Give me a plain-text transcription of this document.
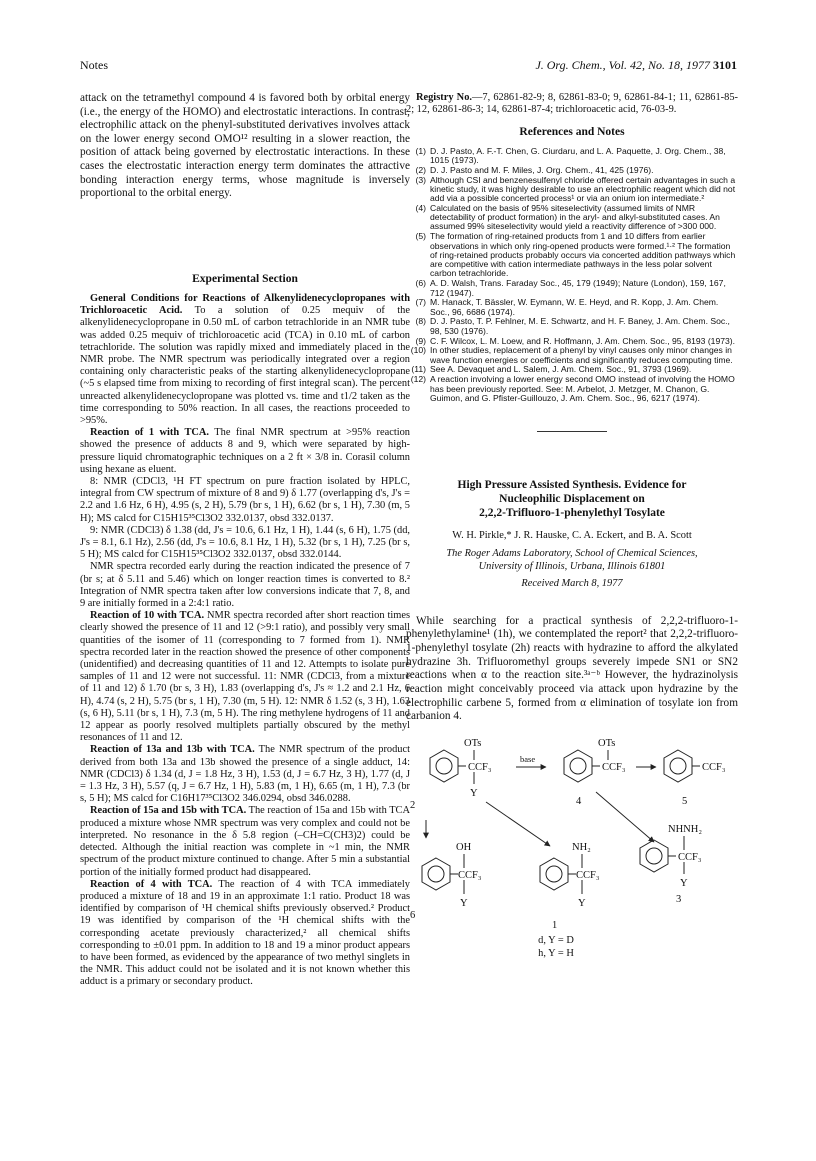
Notes	J. Org. Chem., Vol. 42, No. 18, 1977 3101

attack on the tetramethyl compound 4 is favored both by orbital energy (i.e., the energy of the HOMO) and electrostatic interactions. In contrast, electrophilic attack on the phenyl-substituted derivatives involves attack on the lower energy second OMO¹² resulting in a slower reaction, the position of attack being governed by electrostatic interactions. In these cases the electrostatic interaction energy term dominates the attractive bonding interaction energy terms, whose magnitude is inversely proportional to the orbital energy.

Experimental Section

General Conditions for Reactions of Alkenylidenecyclopropanes with Trichloroacetic Acid. To a solution of 0.25 mequiv of the alkenylidenecyclopropane in 0.50 mL of carbon tetrachloride in an NMR tube was added 0.25 mequiv of trichloroacetic acid (TCA) in 0.10 mL of carbon tetrachloride. The solution was rapidly mixed and immediately placed in the NMR probe. The NMR spectrum was periodically integrated over a region containing only characteristic peaks of the starting alkenylidenecyclopropane (~5 s elapsed time from mixing to recording of first integral scan). The percent unreacted alkenylidenecyclopropane was plotted vs. time and t1/2 taken as the time corresponding to 50% reaction. In all cases, the reactions proceeded to >95%.

Reaction of 1 with TCA. The final NMR spectrum at >95% reaction showed the presence of adducts 8 and 9, which were separated by high-pressure liquid chromatographic techniques on a 2 ft × 3/8 in. Corasil column using hexane as eluent.

8: NMR (CDCl3, ¹H FT spectrum on pure fraction isolated by HPLC, integral from CW spectrum of mixture of 8 and 9) δ 1.77 (overlapping d's, J's = 2.2 and 1.6 Hz, 6 H), 4.95 (s, 2 H), 5.79 (br s, 1 H), 6.62 (br s, 1 H), 7.30 (m, 5 H); MS calcd for C15H15³⁵Cl3O2 332.0137, obsd 332.0137.

9: NMR (CDCl3) δ 1.38 (dd, J's = 10.6, 6.1 Hz, 1 H), 1.44 (s, 6 H), 1.75 (dd, J's = 8.1, 6.1 Hz), 2.56 (dd, J's = 10.6, 8.1 Hz, 1 H), 5.32 (br s, 1 H), 7.25 (br s, 5 H); MS calcd for C15H15³⁵Cl3O2 332.0137, obsd 332.0144.

NMR spectra recorded early during the reaction indicated the presence of 7 (br s; at δ 5.11 and 5.46) which on longer reaction times is converted to 8.² Integration of NMR spectra taken after low conversions indicate that 7, 8, and 9 are initially formed in a 2:4:1 ratio.

Reaction of 10 with TCA. NMR spectra recorded after short reaction times clearly showed the presence of 11 and 12 (>9:1 ratio), and possibly very small quantities of the isomer of 11 (corresponding to 7 formed from 1). NMR spectra recorded later in the reaction showed the presence of other components (unidentified) and decreasing quantities of 11 and 12. Attempts to isolate pure samples of 11 and 12 were not successful. 11: NMR (CDCl3, from a mixture of 11 and 12) δ 1.70 (br s, 3 H), 1.83 (overlapping d's, J's ≈ 1.2 and 2.1 Hz, 6 H), 4.74 (s, 2 H), 5.75 (br s, 1 H), 7.30 (m, 5 H). 12: NMR δ 1.52 (s, 3 H), 1.63 (s, 6 H), 5.11 (br s, 1 H), 7.3 (m, 5 H). The ring methylene hydrogens of 11 and 12 appear as poorly resolved multiplets partially obscured by the methyl resonances of 11 and 12.

Reaction of 13a and 13b with TCA. The NMR spectrum of the product derived from both 13a and 13b showed the presence of a single adduct, 14: NMR (CDCl3) δ 1.34 (d, J = 1.8 Hz, 3 H), 1.53 (d, J = 6.7 Hz, 3 H), 1.77 (d, J = 1.3 Hz, 3 H), 5.57 (q, J = 6.7 Hz, 1 H), 5.83 (m, 1 H), 6.65 (m, 1 H), 7.3 (br s, 5 H); MS calcd for C16H17³⁵Cl3O2 346.0294, obsd 346.0288.

Reaction of 15a and 15b with TCA. The reaction of 15a and 15b with TCA produced a mixture whose NMR spectrum was very complex and could not be interpreted. No resonance in the δ 5.8 region (–CH=C(CH3)2) could be detected. Although the initial reaction was complete in ~1 min, the NMR spectrum of the product mixture continued to change. After 5 min a substantial portion of the initially formed product had disappeared.

Reaction of 4 with TCA. The reaction of 4 with TCA immediately produced a mixture of 18 and 19 in an approximate 1:1 ratio. Product 18 was identified by comparison of ¹H chemical shifts previously observed.² Product 19 was identified by comparison of the ¹H chemical shifts with the corresponding acetate previously characterized,² all chemical shifts corresponding to ±0.01 ppm. In addition to 18 and 19 a minor product appears to have been formed, as evidenced by the appearance of two methyl singlets in the NMR. This adduct could not be isolated and it is not known whether this adduct is a primary or secondary product.

Registry No.—7, 62861-82-9; 8, 62861-83-0; 9, 62861-84-1; 11, 62861-85-2; 12, 62861-86-3; 14, 62861-87-4; trichloroacetic acid, 76-03-9.

References and Notes
(1) D. J. Pasto, A. F.-T. Chen, G. Ciurdaru, and L. A. Paquette, J. Org. Chem., 38, 1015 (1973).
(2) D. J. Pasto and M. F. Miles, J. Org. Chem., 41, 425 (1976).
(3) Although CSI and benzenesulfenyl chloride offered certain advantages in such a kinetic study, it was highly desirable to use an electrophilic reagent which did not add via a possible concerted process¹ or via an onium ion intermediate.²
(4) Calculated on the basis of 95% siteselectivity (assumed limits of NMR detectability of product formation) in the aryl- and alkyl-substituted cases. An assumed 99% siteselectivity would yield a reactivity difference of >300 000.
(5) The formation of ring-retained products from 1 and 10 differs from earlier observations in which only ring-opened products were formed.¹·² The formation of ring-retained products probably occurs via concerted addition pathways which are competitive with cation intermediate pathways in the less polar solvent carbon tetrachloride.
(6) A. D. Walsh, Trans. Faraday Soc., 45, 179 (1949); Nature (London), 159, 167, 712 (1947).
(7) M. Hanack, T. Bässler, W. Eymann, W. E. Heyd, and R. Kopp, J. Am. Chem. Soc., 96, 6686 (1974).
(8) D. J. Pasto, T. P. Fehlner, M. E. Schwartz, and H. F. Baney, J. Am. Chem. Soc., 98, 530 (1976).
(9) C. F. Wilcox, L. M. Loew, and R. Hoffmann, J. Am. Chem. Soc., 95, 8193 (1973).
(10) In other studies, replacement of a phenyl by vinyl causes only minor changes in wave function energies or coefficients and significantly reduces computing time.
(11) See A. Devaquet and L. Salem, J. Am. Chem. Soc., 91, 3793 (1969).
(12) A reaction involving a lower energy second OMO instead of involving the HOMO has been previously reported. See: M. Arbelot, J. Metzger, M. Chanon, G. Guimon, and G. Pfister-Guillouzo, J. Am. Chem. Soc., 96, 6217 (1974).
High Pressure Assisted Synthesis. Evidence for
Nucleophilic Displacement on
2,2,2-Trifluoro-1-phenylethyl Tosylate
W. H. Pirkle,* J. R. Hauske, C. A. Eckert, and B. A. Scott
The Roger Adams Laboratory, School of Chemical Sciences,
University of Illinois, Urbana, Illinois 61801
Received March 8, 1977

While searching for a practical synthesis of 2,2,2-trifluoro-1-phenylethylamine¹ (1h), we contemplated the report² that 2,2,2-trifluoro-1-phenylethyl tosylate (2h) reacts with hydrazine to afford the alkylated hydrazine 3h. Trifluoromethyl groups severely impede SN1 or SN2 reactions when α to the reaction site.³ᵃ⁻ᵇ However, the hydrazinolysis reaction might conceivably proceed via attack upon hydrazine by the electrophilic carbene 5, formed from α elimination of tosylate ion from carbanion 4.

OTs
CCF₃
Y
2
base
OTs
CCF₃
4
CCF₃
5
OH
CCF₃
Y
6
NH₂
CCF₃
Y
1
NHNH₂
CCF₃
Y
3
d, Y = D
h, Y = H
